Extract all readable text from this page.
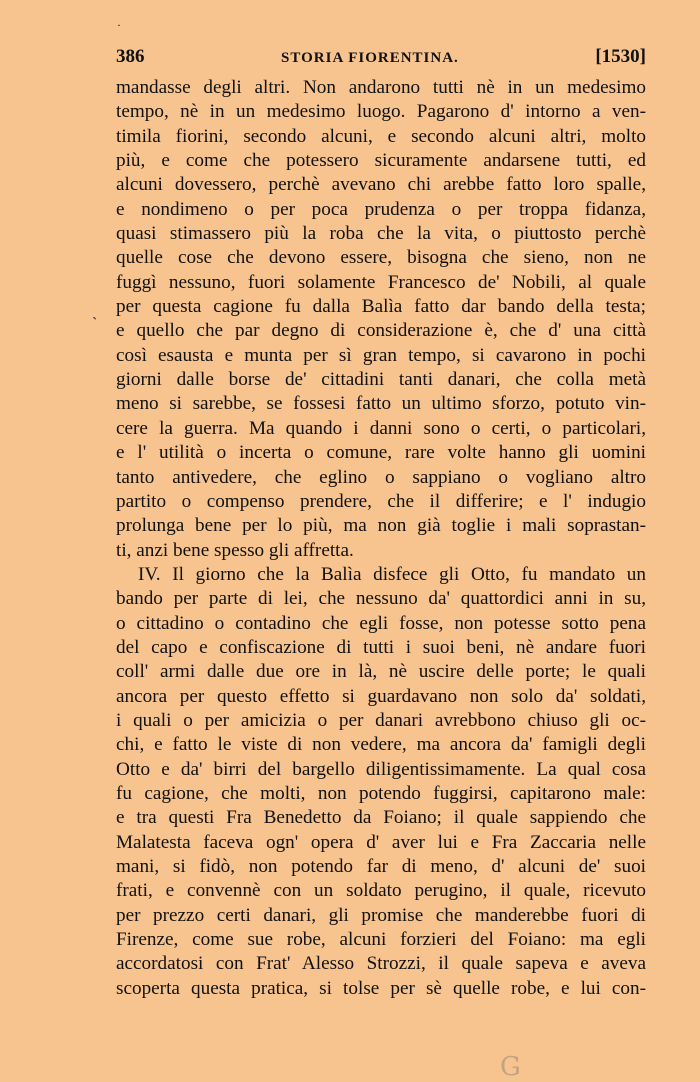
·
˴
386	STORIA FIORENTINA.	[1530]
mandasse degli altri. Non andarono tutti nè in un medesimo
tempo, nè in un medesimo luogo. Pagarono d' intorno a ven-
timila fiorini, secondo alcuni, e secondo alcuni altri, molto
più, e come che potessero sicuramente andarsene tutti, ed
alcuni dovessero, perchè avevano chi arebbe fatto loro spalle,
e nondimeno o per poca prudenza o per troppa fidanza,
quasi stimassero più la roba che la vita, o piuttosto perchè
quelle cose che devono essere, bisogna che sieno, non ne
fuggì nessuno, fuori solamente Francesco de' Nobili, al quale
per questa cagione fu dalla Balìa fatto dar bando della testa;
e quello che par degno di considerazione è, che d' una città
così esausta e munta per sì gran tempo, si cavarono in pochi
giorni dalle borse de' cittadini tanti danari, che colla metà
meno si sarebbe, se fossesi fatto un ultimo sforzo, potuto vin-
cere la guerra. Ma quando i danni sono o certi, o particolari,
e l' utilità o incerta o comune, rare volte hanno gli uomini
tanto antivedere, che eglino o sappiano o vogliano altro
partito o compenso prendere, che il differire; e l' indugio
prolunga bene per lo più, ma non già toglie i mali soprastan-
ti, anzi bene spesso gli affretta.
IV. Il giorno che la Balìa disfece gli Otto, fu mandato un
bando per parte di lei, che nessuno da' quattordici anni in su,
o cittadino o contadino che egli fosse, non potesse sotto pena
del capo e confiscazione di tutti i suoi beni, nè andare fuori
coll' armi dalle due ore in là, nè uscire delle porte; le quali
ancora per questo effetto si guardavano non solo da' soldati,
i quali o per amicizia o per danari avrebbono chiuso gli oc-
chi, e fatto le viste di non vedere, ma ancora da' famigli degli
Otto e da' birri del bargello diligentissimamente. La qual cosa
fu cagione, che molti, non potendo fuggirsi, capitarono male:
e tra questi Fra Benedetto da Foiano; il quale sappiendo che
Malatesta faceva ogn' opera d' aver lui e Fra Zaccaria nelle
mani, si fidò, non potendo far di meno, d' alcuni de' suoi
frati, e convennè con un soldato perugino, il quale, ricevuto
per prezzo certi danari, gli promise che manderebbe fuori di
Firenze, come sue robe, alcuni forzieri del Foiano: ma egli
accordatosi con Frat' Alesso Strozzi, il quale sapeva e aveva
scoperta questa pratica, si tolse per sè quelle robe, e lui con-
G
